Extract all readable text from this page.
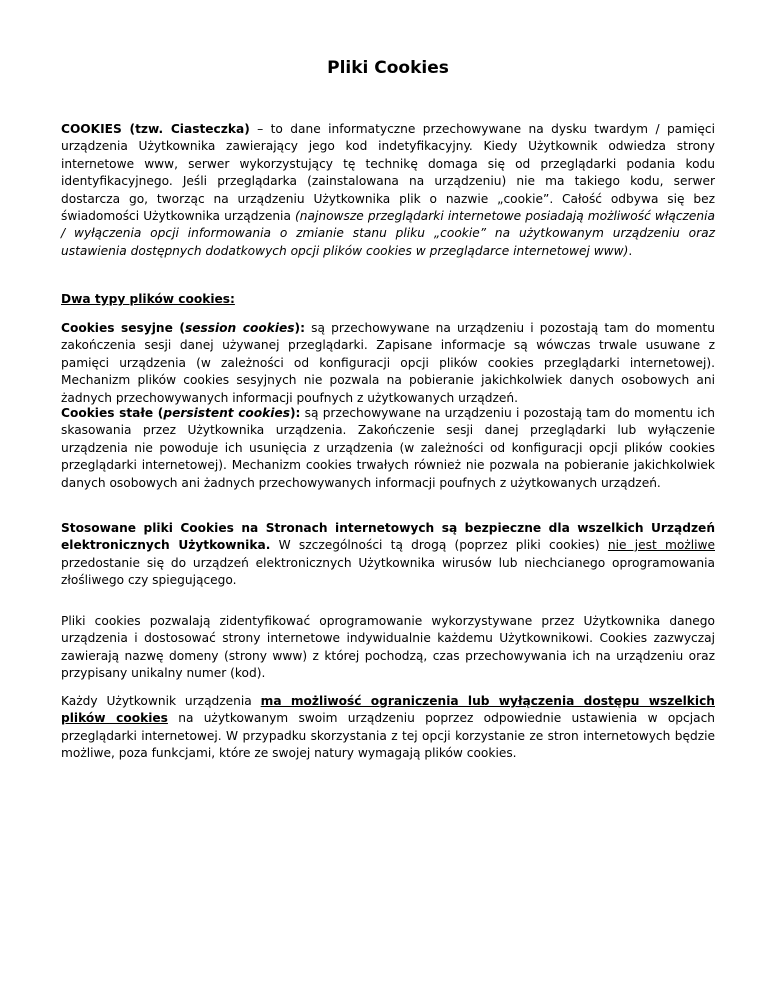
Pliki Cookies

COOKIES (tzw. Ciasteczka) – to dane informatyczne przechowywane na dysku twardym / pamięci urządzenia Użytkownika zawierający jego kod indetyfikacyjny. Kiedy Użytkownik odwiedza strony internetowe www, serwer wykorzystujący tę technikę domaga się od przeglądarki podania kodu identyfikacyjnego. Jeśli przeglądarka (zainstalowana na urządzeniu) nie ma takiego kodu, serwer dostarcza go, tworząc na urządzeniu Użytkownika plik o nazwie „cookie”. Całość odbywa się bez świadomości Użytkownika urządzenia (najnowsze przeglądarki internetowe posiadają możliwość włączenia / wyłączenia opcji informowania o zmianie stanu pliku „cookie” na użytkowanym urządzeniu oraz ustawienia dostępnych dodatkowych opcji plików cookies w przeglądarce internetowej www).

Dwa typy plików cookies:

Cookies sesyjne (session cookies): są przechowywane na urządzeniu i pozostają tam do momentu zakończenia sesji danej używanej przeglądarki. Zapisane informacje są wówczas trwale usuwane z pamięci urządzenia (w zależności od konfiguracji opcji plików cookies przeglądarki internetowej). Mechanizm plików cookies sesyjnych nie pozwala na pobieranie jakichkolwiek danych osobowych ani żadnych przechowywanych informacji poufnych z użytkowanych urządzeń.

Cookies stałe (persistent cookies): są przechowywane na urządzeniu i pozostają tam do momentu ich skasowania przez Użytkownika urządzenia. Zakończenie sesji danej przeglądarki lub wyłączenie urządzenia nie powoduje ich usunięcia z urządzenia (w zależności od konfiguracji opcji plików cookies przeglądarki internetowej). Mechanizm cookies trwałych również nie pozwala na pobieranie jakichkolwiek danych osobowych ani żadnych przechowywanych informacji poufnych z użytkowanych urządzeń.

Stosowane pliki Cookies na Stronach internetowych są bezpieczne dla wszelkich Urządzeń elektronicznych Użytkownika. W szczególności tą drogą (poprzez pliki cookies) nie jest możliwe przedostanie się do urządzeń elektronicznych Użytkownika wirusów lub niechcianego oprogramowania złośliwego czy spiegującego.

Pliki cookies pozwalają zidentyfikować oprogramowanie wykorzystywane przez Użytkownika danego urządzenia i dostosować strony internetowe indywidualnie każdemu Użytkownikowi. Cookies zazwyczaj zawierają nazwę domeny (strony www) z której pochodzą, czas przechowywania ich na urządzeniu oraz przypisany unikalny numer (kod).

Każdy Użytkownik urządzenia ma możliwość ograniczenia lub wyłączenia dostępu wszelkich plików cookies na użytkowanym swoim urządzeniu poprzez odpowiednie ustawienia w opcjach przeglądarki internetowej. W przypadku skorzystania z tej opcji korzystanie ze stron internetowych będzie możliwe, poza funkcjami, które ze swojej natury wymagają plików cookies.
